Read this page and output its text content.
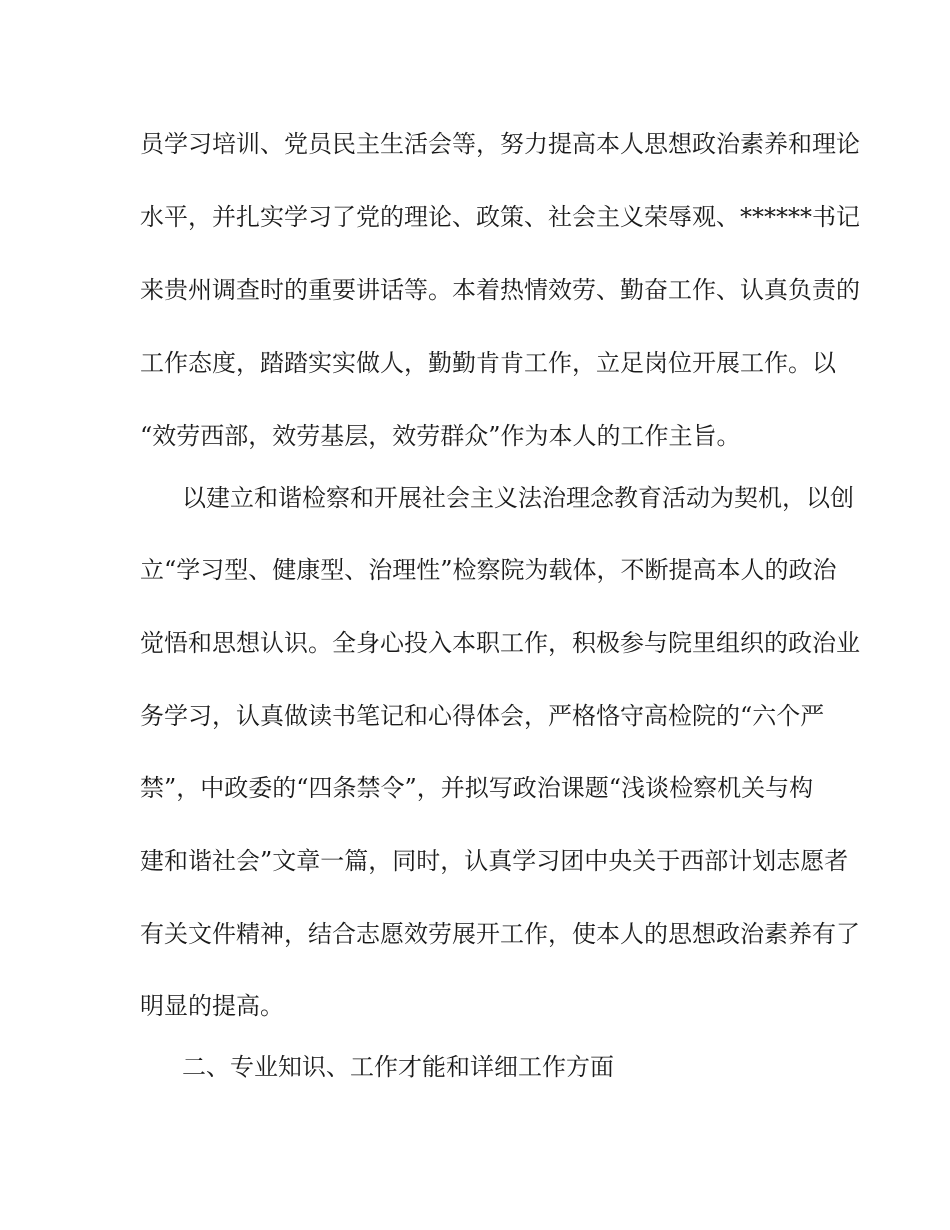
员学习培训、党员民主生活会等，努力提高本人思想政治素养和理论
水平，并扎实学习了党的理论、政策、社会主义荣辱观、******书记
来贵州调查时的重要讲话等。本着热情效劳、勤奋工作、认真负责的
工作态度，踏踏实实做人，勤勤肯肯工作，立足岗位开展工作。以
“效劳西部，效劳基层，效劳群众”作为本人的工作主旨。
以建立和谐检察和开展社会主义法治理念教育活动为契机，以创
立“学习型、健康型、治理性”检察院为载体，不断提高本人的政治
觉悟和思想认识。全身心投入本职工作，积极参与院里组织的政治业
务学习，认真做读书笔记和心得体会，严格恪守高检院的“六个严
禁”，中政委的“四条禁令”，并拟写政治课题“浅谈检察机关与构
建和谐社会”文章一篇，同时，认真学习团中央关于西部计划志愿者
有关文件精神，结合志愿效劳展开工作，使本人的思想政治素养有了
明显的提高。
二、专业知识、工作才能和详细工作方面
